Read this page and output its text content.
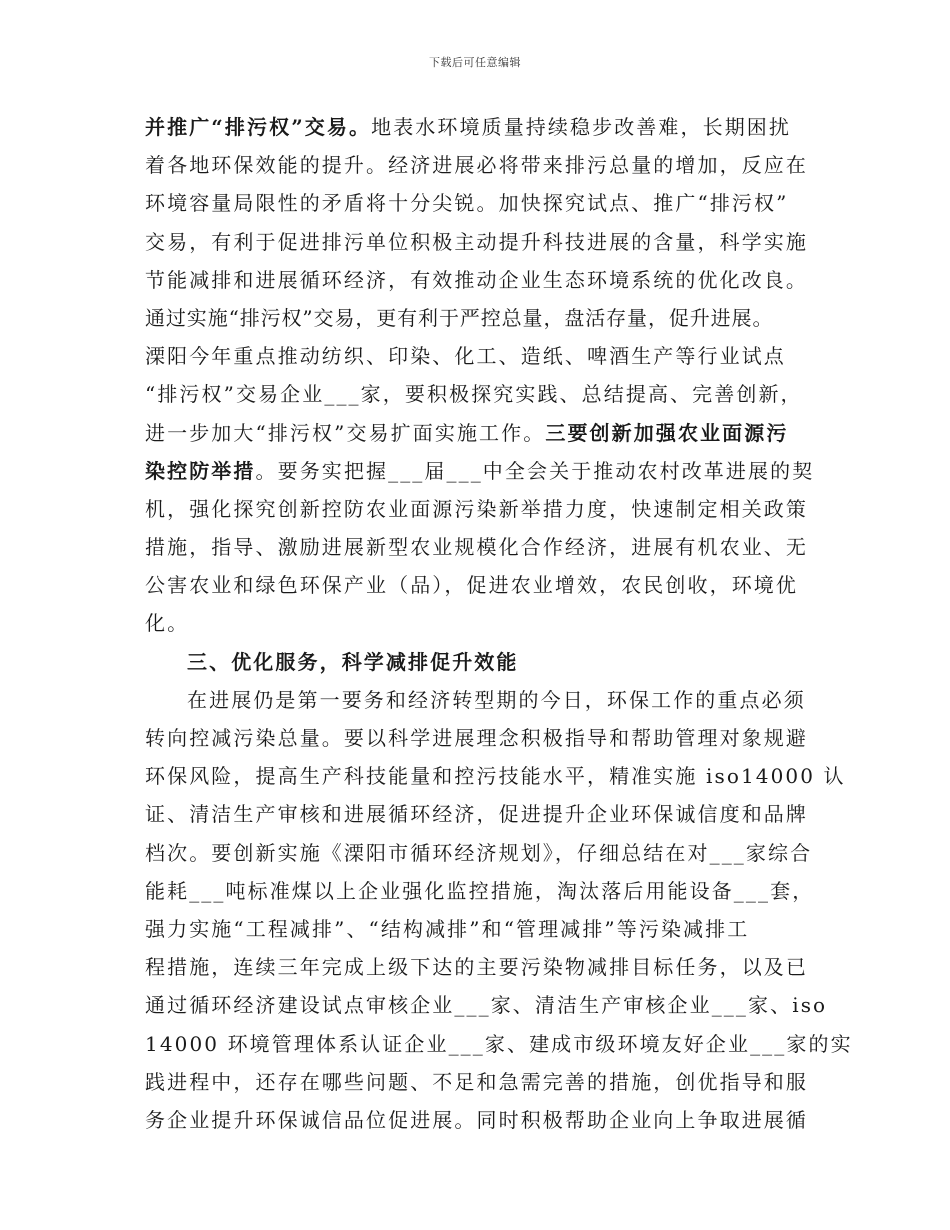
下载后可任意编辑
并推广“排污权”交易。地表水环境质量持续稳步改善难，长期困扰
着各地环保效能的提升。经济进展必将带来排污总量的增加，反应在
环境容量局限性的矛盾将十分尖锐。加快探究试点、推广“排污权”
交易，有利于促进排污单位积极主动提升科技进展的含量，科学实施
节能减排和进展循环经济，有效推动企业生态环境系统的优化改良。
通过实施“排污权”交易，更有利于严控总量，盘活存量，促升进展。
溧阳今年重点推动纺织、印染、化工、造纸、啤酒生产等行业试点
“排污权”交易企业___家，要积极探究实践、总结提高、完善创新，
进一步加大“排污权”交易扩面实施工作。三要创新加强农业面源污
染控防举措。要务实把握___届___中全会关于推动农村改革进展的契
机，强化探究创新控防农业面源污染新举措力度，快速制定相关政策
措施，指导、激励进展新型农业规模化合作经济，进展有机农业、无
公害农业和绿色环保产业（品），促进农业增效，农民创收，环境优
化。
三、优化服务，科学减排促升效能
在进展仍是第一要务和经济转型期的今日，环保工作的重点必须
转向控减污染总量。要以科学进展理念积极指导和帮助管理对象规避
环保风险，提高生产科技能量和控污技能水平，精准实施 iso14000 认
证、清洁生产审核和进展循环经济，促进提升企业环保诚信度和品牌
档次。要创新实施《溧阳市循环经济规划》，仔细总结在对___家综合
能耗___吨标准煤以上企业强化监控措施，淘汰落后用能设备___套，
强力实施“工程减排”、“结构减排”和“管理减排”等污染减排工
程措施，连续三年完成上级下达的主要污染物减排目标任务，以及已
通过循环经济建设试点审核企业___家、清洁生产审核企业___家、iso
14000 环境管理体系认证企业___家、建成市级环境友好企业___家的实
践进程中，还存在哪些问题、不足和急需完善的措施，创优指导和服
务企业提升环保诚信品位促进展。同时积极帮助企业向上争取进展循
